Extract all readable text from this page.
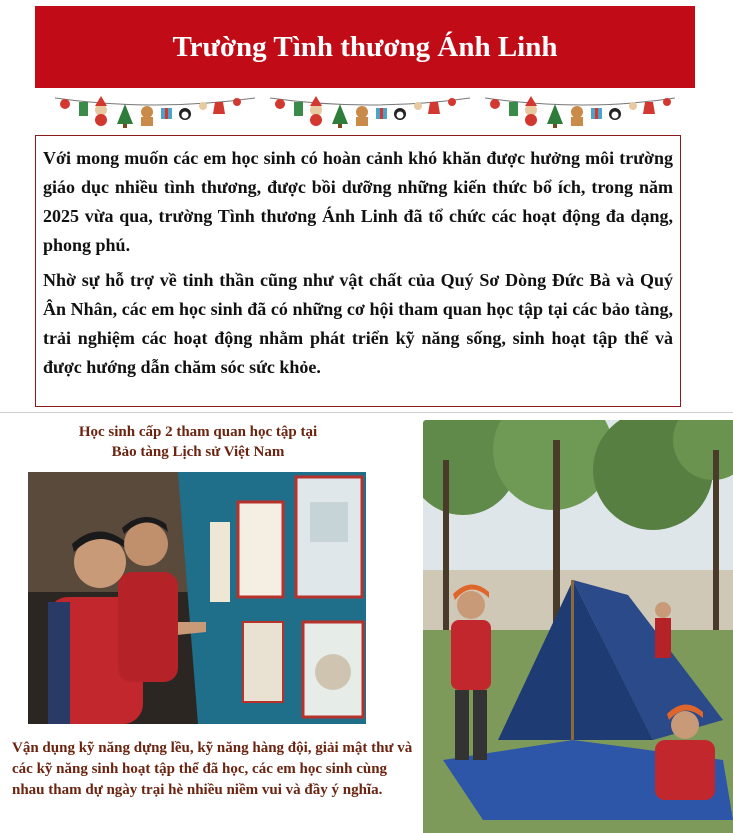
Trường Tình thương Ánh Linh

Với mong muốn các em học sinh có hoàn cảnh khó khăn được hưởng môi trường giáo dục nhiều tình thương, được bồi dưỡng những kiến thức bổ ích, trong năm 2025 vừa qua, trường Tình thương Ánh Linh đã tổ chức các hoạt động đa dạng, phong phú.

Nhờ sự hỗ trợ về tinh thần cũng như vật chất của Quý Sơ Dòng Đức Bà và Quý Ân Nhân, các em học sinh đã có những cơ hội tham quan học tập tại các bảo tàng, trải nghiệm các hoạt động nhằm phát triển kỹ năng sống, sinh hoạt tập thể và được hướng dẫn chăm sóc sức khỏe.

Học sinh cấp 2 tham quan học tập tại
Bảo tàng Lịch sử Việt Nam
Vận dụng kỹ năng dựng lều, kỹ năng hàng đội, giải mật thư và các kỹ năng sinh hoạt tập thể đã học, các em học sinh cùng nhau tham dự ngày trại hè nhiều niềm vui và đầy ý nghĩa.
